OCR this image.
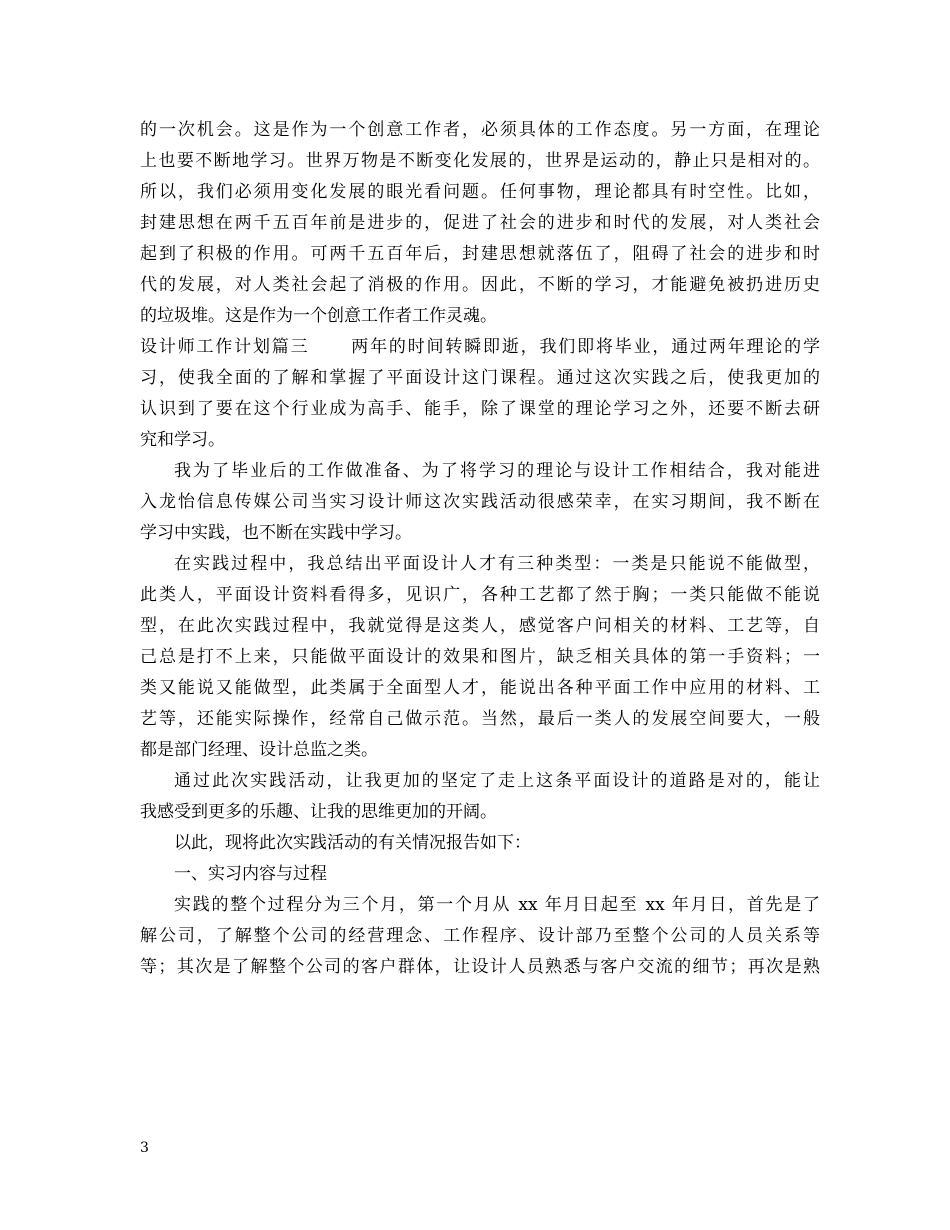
的一次机会。这是作为一个创意工作者，必须具体的工作态度。另一方面，在理论
上也要不断地学习。世界万物是不断变化发展的，世界是运动的，静止只是相对的。
所以，我们必须用变化发展的眼光看问题。任何事物，理论都具有时空性。比如，
封建思想在两千五百年前是进步的，促进了社会的进步和时代的发展，对人类社会
起到了积极的作用。可两千五百年后，封建思想就落伍了，阻碍了社会的进步和时
代的发展，对人类社会起了消极的作用。因此，不断的学习，才能避免被扔进历史
的垃圾堆。这是作为一个创意工作者工作灵魂。
设计师工作计划篇三 两年的时间转瞬即逝，我们即将毕业，通过两年理论的学
习，使我全面的了解和掌握了平面设计这门课程。通过这次实践之后，使我更加的
认识到了要在这个行业成为高手、能手，除了课堂的理论学习之外，还要不断去研
究和学习。
我为了毕业后的工作做准备、为了将学习的理论与设计工作相结合，我对能进
入龙怡信息传媒公司当实习设计师这次实践活动很感荣幸，在实习期间，我不断在
学习中实践，也不断在实践中学习。
在实践过程中，我总结出平面设计人才有三种类型：一类是只能说不能做型，
此类人，平面设计资料看得多，见识广，各种工艺都了然于胸；一类只能做不能说
型，在此次实践过程中，我就觉得是这类人，感觉客户问相关的材料、工艺等，自
己总是打不上来，只能做平面设计的效果和图片，缺乏相关具体的第一手资料；一
类又能说又能做型，此类属于全面型人才，能说出各种平面工作中应用的材料、工
艺等，还能实际操作，经常自己做示范。当然，最后一类人的发展空间要大，一般
都是部门经理、设计总监之类。
通过此次实践活动，让我更加的坚定了走上这条平面设计的道路是对的，能让
我感受到更多的乐趣、让我的思维更加的开阔。
以此，现将此次实践活动的有关情况报告如下：
一、实习内容与过程
实践的整个过程分为三个月，第一个月从 xx 年月日起至 xx 年月日，首先是了
解公司，了解整个公司的经营理念、工作程序、设计部乃至整个公司的人员关系等
等；其次是了解整个公司的客户群体，让设计人员熟悉与客户交流的细节；再次是熟
3
